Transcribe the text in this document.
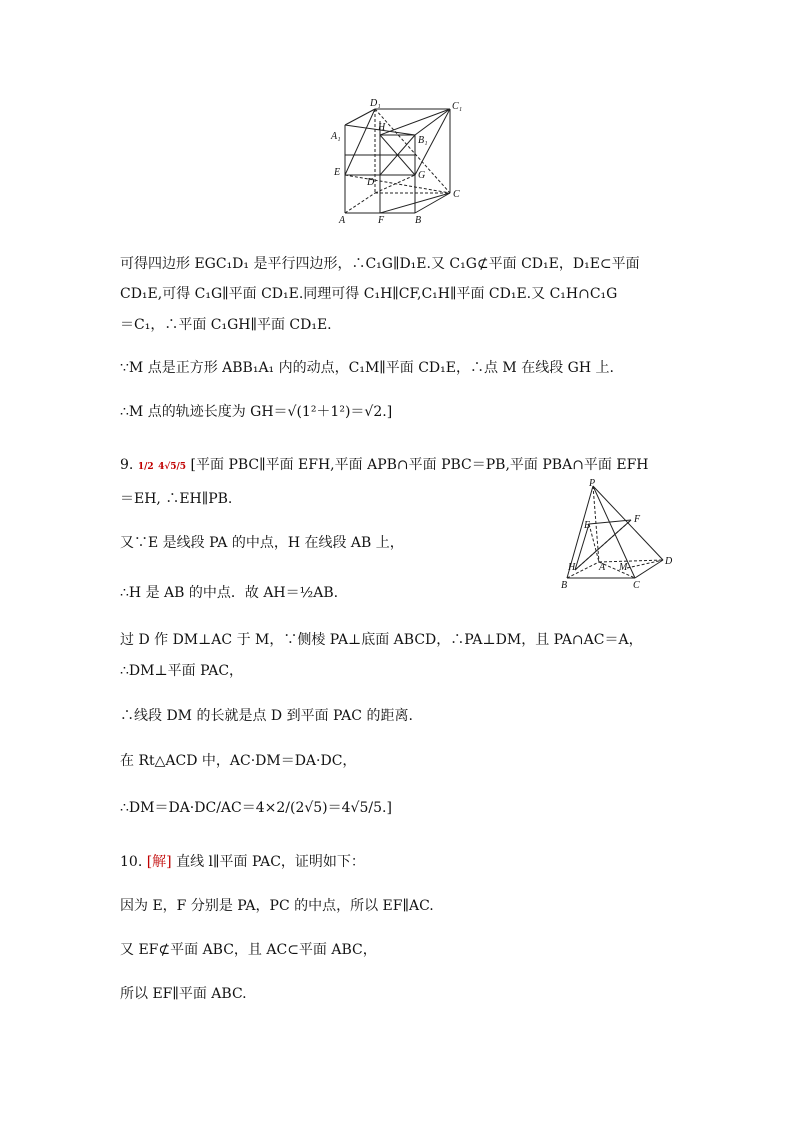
D₁	C₁
A₁	B₁
H
E
D
G
C
A	F	B
可得四边形 EGC₁D₁ 是平行四边形，∴C₁G∥D₁E.又 C₁G⊄平面 CD₁E，D₁E⊂平面
CD₁E,可得 C₁G∥平面 CD₁E.同理可得 C₁H∥CF,C₁H∥平面 CD₁E.又 C₁H∩C₁G
＝C₁，∴平面 C₁GH∥平面 CD₁E.
∵M 点是正方形 ABB₁A₁ 内的动点，C₁M∥平面 CD₁E，∴点 M 在线段 GH 上.
∴M 点的轨迹长度为 GH＝√(1²＋1²)＝√2.]
9. 1/2 4√5/5 [平面 PBC∥平面 EFH,平面 APB∩平面 PBC＝PB,平面 PBA∩平面 EFH
＝EH, ∴EH∥PB.
又∵E 是线段 PA 的中点，H 在线段 AB 上，
∴H 是 AB 的中点．故 AH＝½AB.
过 D 作 DM⊥AC 于 M，∵侧棱 PA⊥底面 ABCD，∴PA⊥DM，且 PA∩AC＝A，
∴DM⊥平面 PAC，
∴线段 DM 的长就是点 D 到平面 PAC 的距离.
在 Rt△ACD 中，AC·DM＝DA·DC，
∴DM＝DA·DC/AC＝4×2/(2√5)＝4√5/5.]
P
E
F
H A M
D
B	C
10. [解] 直线 l∥平面 PAC，证明如下：
因为 E，F 分别是 PA，PC 的中点，所以 EF∥AC.
又 EF⊄平面 ABC，且 AC⊂平面 ABC，
所以 EF∥平面 ABC.
